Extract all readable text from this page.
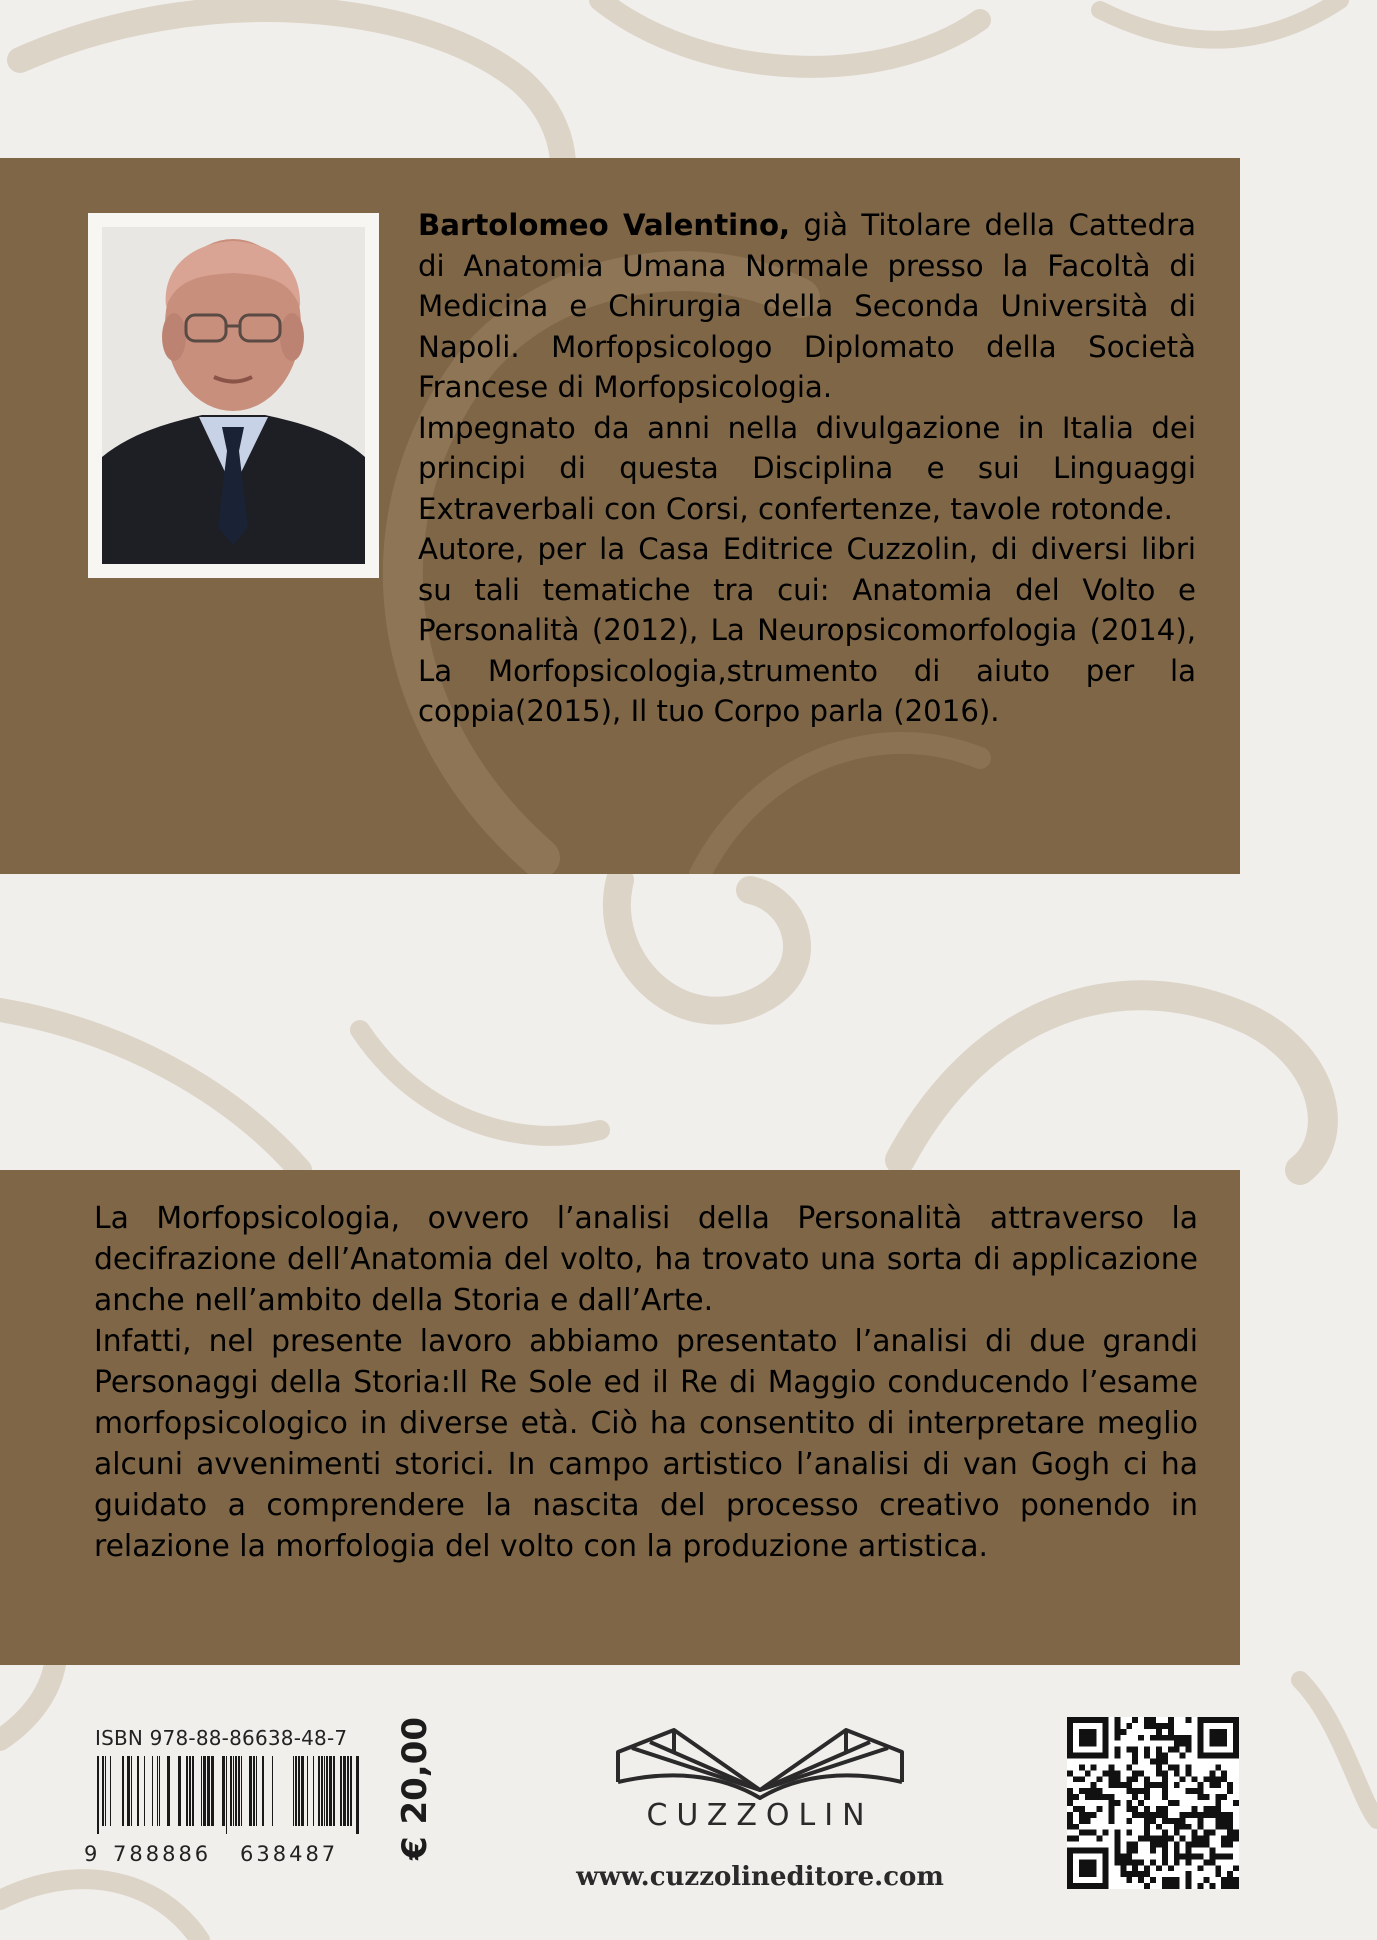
Bartolomeo Valentino, già Titolare della Cattedra di Anatomia Umana Normale presso la Facoltà di Medicina e Chirurgia della Seconda Università di Napoli. Morfopsicologo Diplomato della Società Francese di Morfopsicologia.

Impegnato da anni nella divulgazione in Italia dei principi di questa Disciplina e sui Linguaggi Extraverbali con Corsi, confertenze, tavole rotonde.

Autore, per la Casa Editrice Cuzzolin, di diversi libri su tali tematiche tra cui: Anatomia del Volto e Personalità (2012), La Neuropsicomorfologia (2014), La Morfopsicologia,strumento di aiuto per la coppia(2015), Il tuo Corpo parla (2016).

La Morfopsicologia, ovvero l’analisi della Personalità attraverso la decifrazione dell’Anatomia del volto, ha trovato una sorta di applicazione anche nell’ambito della Storia e dall’Arte.

Infatti, nel presente lavoro abbiamo presentato l’analisi di due grandi Personaggi della Storia:Il Re Sole ed il Re di Maggio conducendo l’esame morfopsicologico in diverse età. Ciò ha consentito di interpretare meglio alcuni avvenimenti storici. In campo artistico l’analisi di van Gogh ci ha guidato a comprendere la nascita del processo creativo ponendo in relazione la morfologia del volto con la produzione artistica.

ISBN 978-88-86638-48-7
9 788886 638487 € 20,00	CUZZOLIN
www.cuzzolineditore.com
